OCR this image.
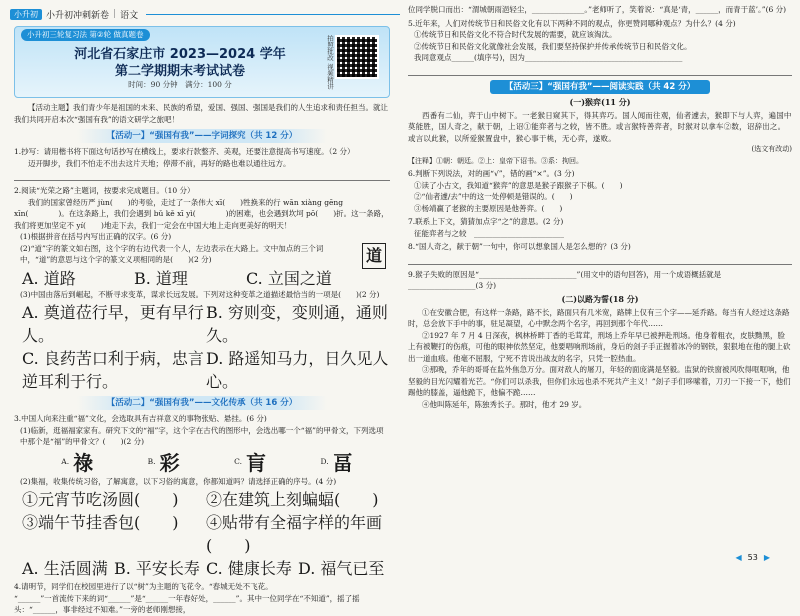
小升初 小升初冲刺新卷 | 语文
小升初三轮复习法 第②轮 做真题卷
河北省石家庄市 2023—2024 学年
第二学期期末考试试卷
时间：90 分钟　满分：100 分	拍照批改 视频精讲

【活动主题】我们青少年是祖国的未来、民族的希望，爱国、强国、强国是我们的人生追求和责任担当。就让我们共同开启本次“强国有我”的语文研学之旅吧！

【活动一】“强国有我”——字词探究（共 12 分）

1.抄写：请用楷书将下面这句话抄写在横线上，要求行款整齐、美观，还要注意提高书写速度。（2 分）

迈开脚步，我们不怕走不出去这片天地；停滞不前，再好的路也难以通往远方。

2.阅读“光荣之路”主题词，按要求完成题目。（10 分）

我们的国家曾经历严 jùn(　　)的考验，走过了一条伟大 xī(　　)牲换来的行 wān xiàng gēng xīn(　　　　)。在这条路上，我们会遇到 bǔ kě xī yì(　　　　)的困难，也会遇到坎坷 pō(　　)折。这一条路，我们将更加坚定不 yí(　　)地走下去，我们一定会在中国大地上走向更美好的明天！

(1)根据拼音在括号内写出正确的汉字。(6 分)

道

(2)“道”字的篆文如右图，这个字的右边代表一个人，左边表示在大路上。文中加点的三个词中，“道”的意思与这个字的篆文义项相同的是(　　)(2 分)

A. 道路	B. 道理	C. 立国之道

(3)中国由落后到崛起，不断寻求变革，谋求长远发展。下列对这种变革之道描述最恰当的一项是(　　)(2 分)

A. 奠道莅行早，更有早行人。
B. 穷则变，变则通，通则久。
C. 良药苦口利于病，忠言逆耳利于行。
D. 路遥知马力，日久见人心。
【活动二】“强国有我”——文化传承（共 16 分）

3.中国人向来注重“福”文化，会选取具有吉祥意义的事物张贴、悬挂。(6 分)

(1)临新，逛福福家家有。研究下文的“福”字，这个字在古代的图形中，会选出哪一个“福”的甲骨文，下列选项中那个是“福”的甲骨文？(　　)(2 分)

A. 祿	B. 彩	C. 肓	D. 畐

(2)集福，收集传统习俗，了解寓意，以下习俗的寓意，你都知道吗？请选择正确的序号。(4 分)

①元宵节吃汤圆(　　)	②在建筑上刻蝙蝠(　　)
③端午节挂香包(　　)	④贴带有全福字样的年画(　　)
A. 生活圆满 B. 平安长寿 C. 健康长寿 D. 福气已至

4.请明节，同学们在校园里进行了以“树”为主题的飞花令。“春城无处不飞花。

“______”一首流传下来的词“______”是“______一年春好处，______”。其中一位同学在“不知道”，摇了摇头：“______，事非经过不知难。”一旁的老师刚想接，

位同学脱口而出：“渭城朝雨浥轻尘，______________。”老师听了，笑着说：“真是‘青，______，而青于蓝’。”(6 分)

5.近年来，人们对传统节日和民俗文化有以下两种不同的观点，你更赞同哪种观点？为什么？(4 分)

①传统节日和民俗文化不符合时代发展的需要，就应该淘汰。

②传统节日和民俗文化就像社会发展，我们要坚持保护并传承传统节日和民俗文化。

我同意观点______(填序号)，因为__________________________________________

【活动三】“强国有我”——阅读实践（共 42 分）
(一)猴弈(11 分)

西番有二仙，弈于山中树下。一老猴日窥其下，得其弈巧。国人闻而往观，仙者遽去，猴即下与人弈，遍国中莫能胜，国人奇之，献于朝，上诏①能弈者与之较，皆不胜。或言猴特善弈者，时猴对以拿车②数，诏辞出之。或言以此猴，以所爱猴置盘中，猴心事于桃，无心弈，遂败。

(选文有改动)

【注释】①朝：朝廷。②上：皇帝下诏书。③系：拘回。

6.判断下列说法，对的画“√”，错的画“×”。(3 分)

①读了小古文，我知道“猴弈”的意思是猴子跟猴子下棋。(　　)

②“仙者遽/去”中的这一处停顿是错误的。(　　)

③杨靖赢了老猴的主要原因是他善弈。(　　)

7.联系上下文，猜猜加点字“之”的意思。(2 分)

征能弈者与之较　________________________

8.“国人奇之，献于朝”一句中，你可以想象国人是怎么想的？(3 分)

9.猴子失败的原因是“__________________________”(用文中的语句回答)，用一个成语概括就是__________________(3 分)

(二)以路为誓(18 分)

①在安徽合肥，有这样一条路，路不长，路面只有几米宽，路牌上仅有三个字——延乔路。每当有人经过这条路时，总会放下手中的事，驻足凝望，心中默念两个名字，再回到那个年代……

②1927 年 7 月 4 日深夜，枫林桥畔丁香的毛茸茸，刑场上乔年早已被押赴刑场。他身着粗衣，皮肤黝黑，脸上有被鞭打的伤痕，可他的眼神依然坚定，他要唱响刑场前，身后的刽子手正握着冰冷的钢铁，狠狠地在他的腿上砍出一道血痕。他毫不屈服，宁死不肯说出战友的名字，只凭一腔热血。

③那晚，乔年的哥哥在监外焦急万分。面对敌人的屠刀，年轻的面庞满是坚毅。监狱的铁窗被风吹得哐哐响，他坚毅的目光闪耀着光芒。“你们可以杀我，但你们永远也杀不死共产主义！”刽子手们哆嗦着，刀刃一下接一下，他们踢他的膝盖，逼他跪下，他偏不跪……

④他叫陈延年，陈独秀长子。那时，他才 29 岁。

◀ 53 ▶
